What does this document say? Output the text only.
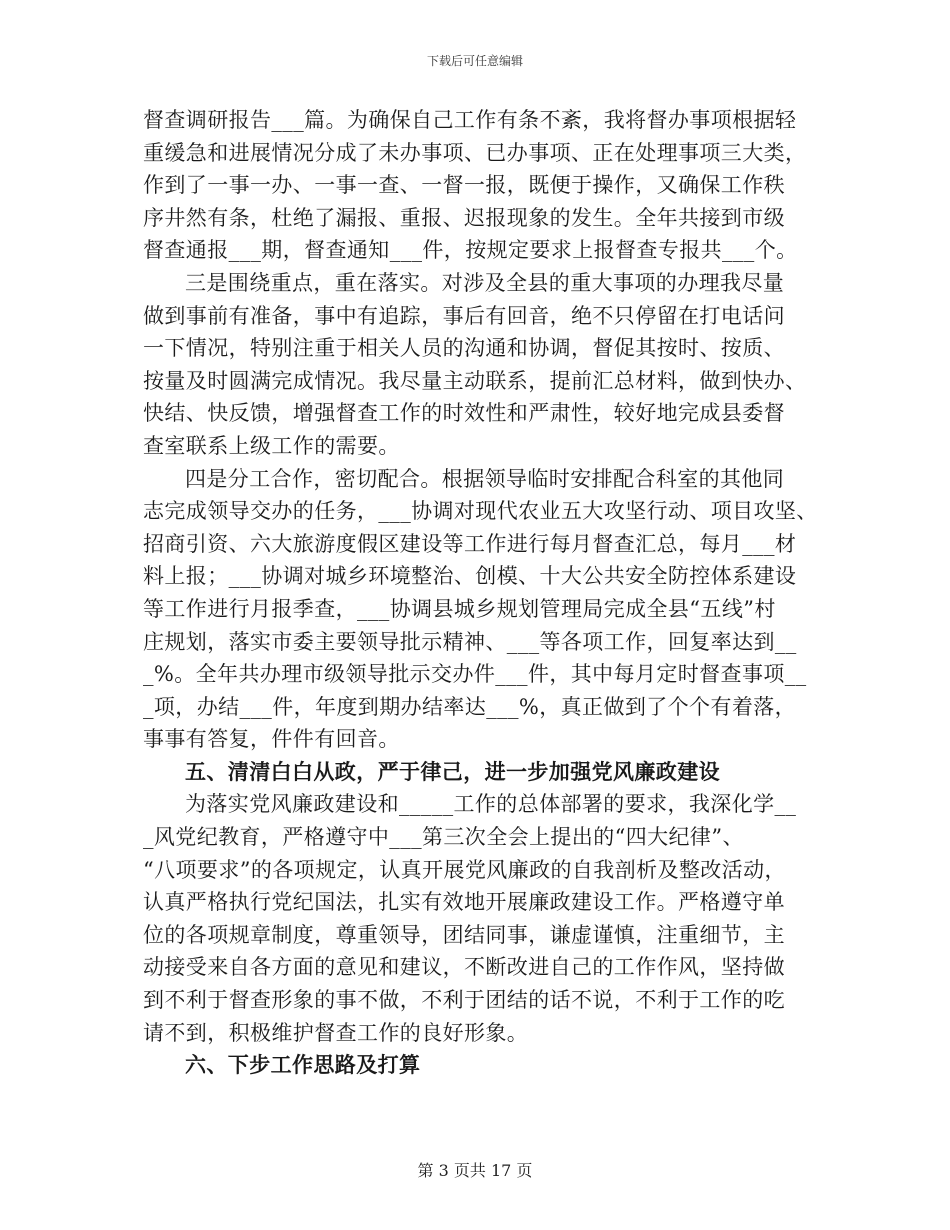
下载后可任意编辑
督查调研报告___篇。为确保自己工作有条不紊，我将督办事项根据轻
重缓急和进展情况分成了未办事项、已办事项、正在处理事项三大类，
作到了一事一办、一事一查、一督一报，既便于操作，又确保工作秩
序井然有条，杜绝了漏报、重报、迟报现象的发生。全年共接到市级
督查通报___期，督查通知___件，按规定要求上报督查专报共___个。
三是围绕重点，重在落实。对涉及全县的重大事项的办理我尽量
做到事前有准备，事中有追踪，事后有回音，绝不只停留在打电话问
一下情况，特别注重于相关人员的沟通和协调，督促其按时、按质、
按量及时圆满完成情况。我尽量主动联系，提前汇总材料，做到快办、
快结、快反馈，增强督查工作的时效性和严肃性，较好地完成县委督
查室联系上级工作的需要。
四是分工合作，密切配合。根据领导临时安排配合科室的其他同
志完成领导交办的任务，___协调对现代农业五大攻坚行动、项目攻坚、
招商引资、六大旅游度假区建设等工作进行每月督查汇总，每月___材
料上报；___协调对城乡环境整治、创模、十大公共安全防控体系建设
等工作进行月报季查，___协调县城乡规划管理局完成全县“五线”村
庄规划，落实市委主要领导批示精神、___等各项工作，回复率达到__
_%。全年共办理市级领导批示交办件___件，其中每月定时督查事项__
_项，办结___件，年度到期办结率达___%，真正做到了个个有着落，
事事有答复，件件有回音。
五、清清白白从政，严于律己，进一步加强党风廉政建设
为落实党风廉政建设和_____工作的总体部署的要求，我深化学__
_风党纪教育，严格遵守中___第三次全会上提出的“四大纪律”、
“八项要求”的各项规定，认真开展党风廉政的自我剖析及整改活动，
认真严格执行党纪国法，扎实有效地开展廉政建设工作。严格遵守单
位的各项规章制度，尊重领导，团结同事，谦虚谨慎，注重细节，主
动接受来自各方面的意见和建议，不断改进自己的工作作风，坚持做
到不利于督查形象的事不做，不利于团结的话不说，不利于工作的吃
请不到，积极维护督查工作的良好形象。
六、下步工作思路及打算
第 3 页共 17 页
